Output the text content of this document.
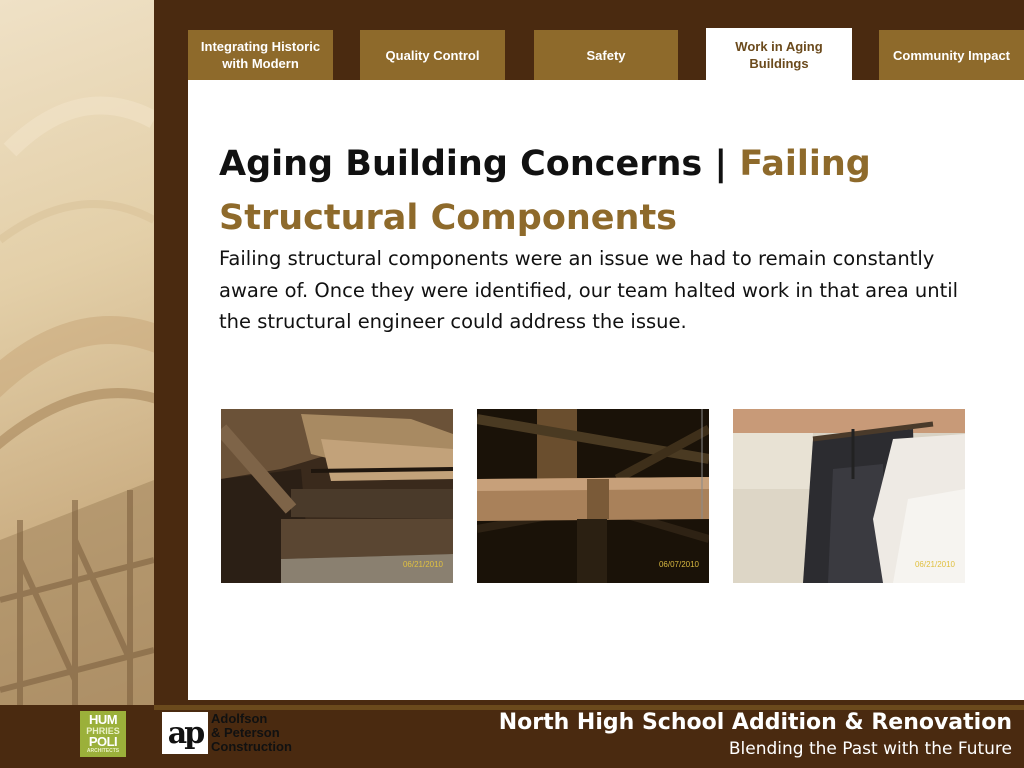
Integrating Historic with Modern
Quality Control	Safety
Work in Aging Buildings
Community Impact
Aging Building Concerns | Failing Structural Components

Failing structural components were an issue we had to remain constantly aware of. Once they were identified, our team halted work in that area until the structural engineer could address the issue.

06/21/2010	06/07/2010	06/21/2010
HUM
PHRIES
POLI
ARCHITECTS ap Adolfson
& Peterson
Construction
North High School Addition & Renovation
Blending the Past with the Future
